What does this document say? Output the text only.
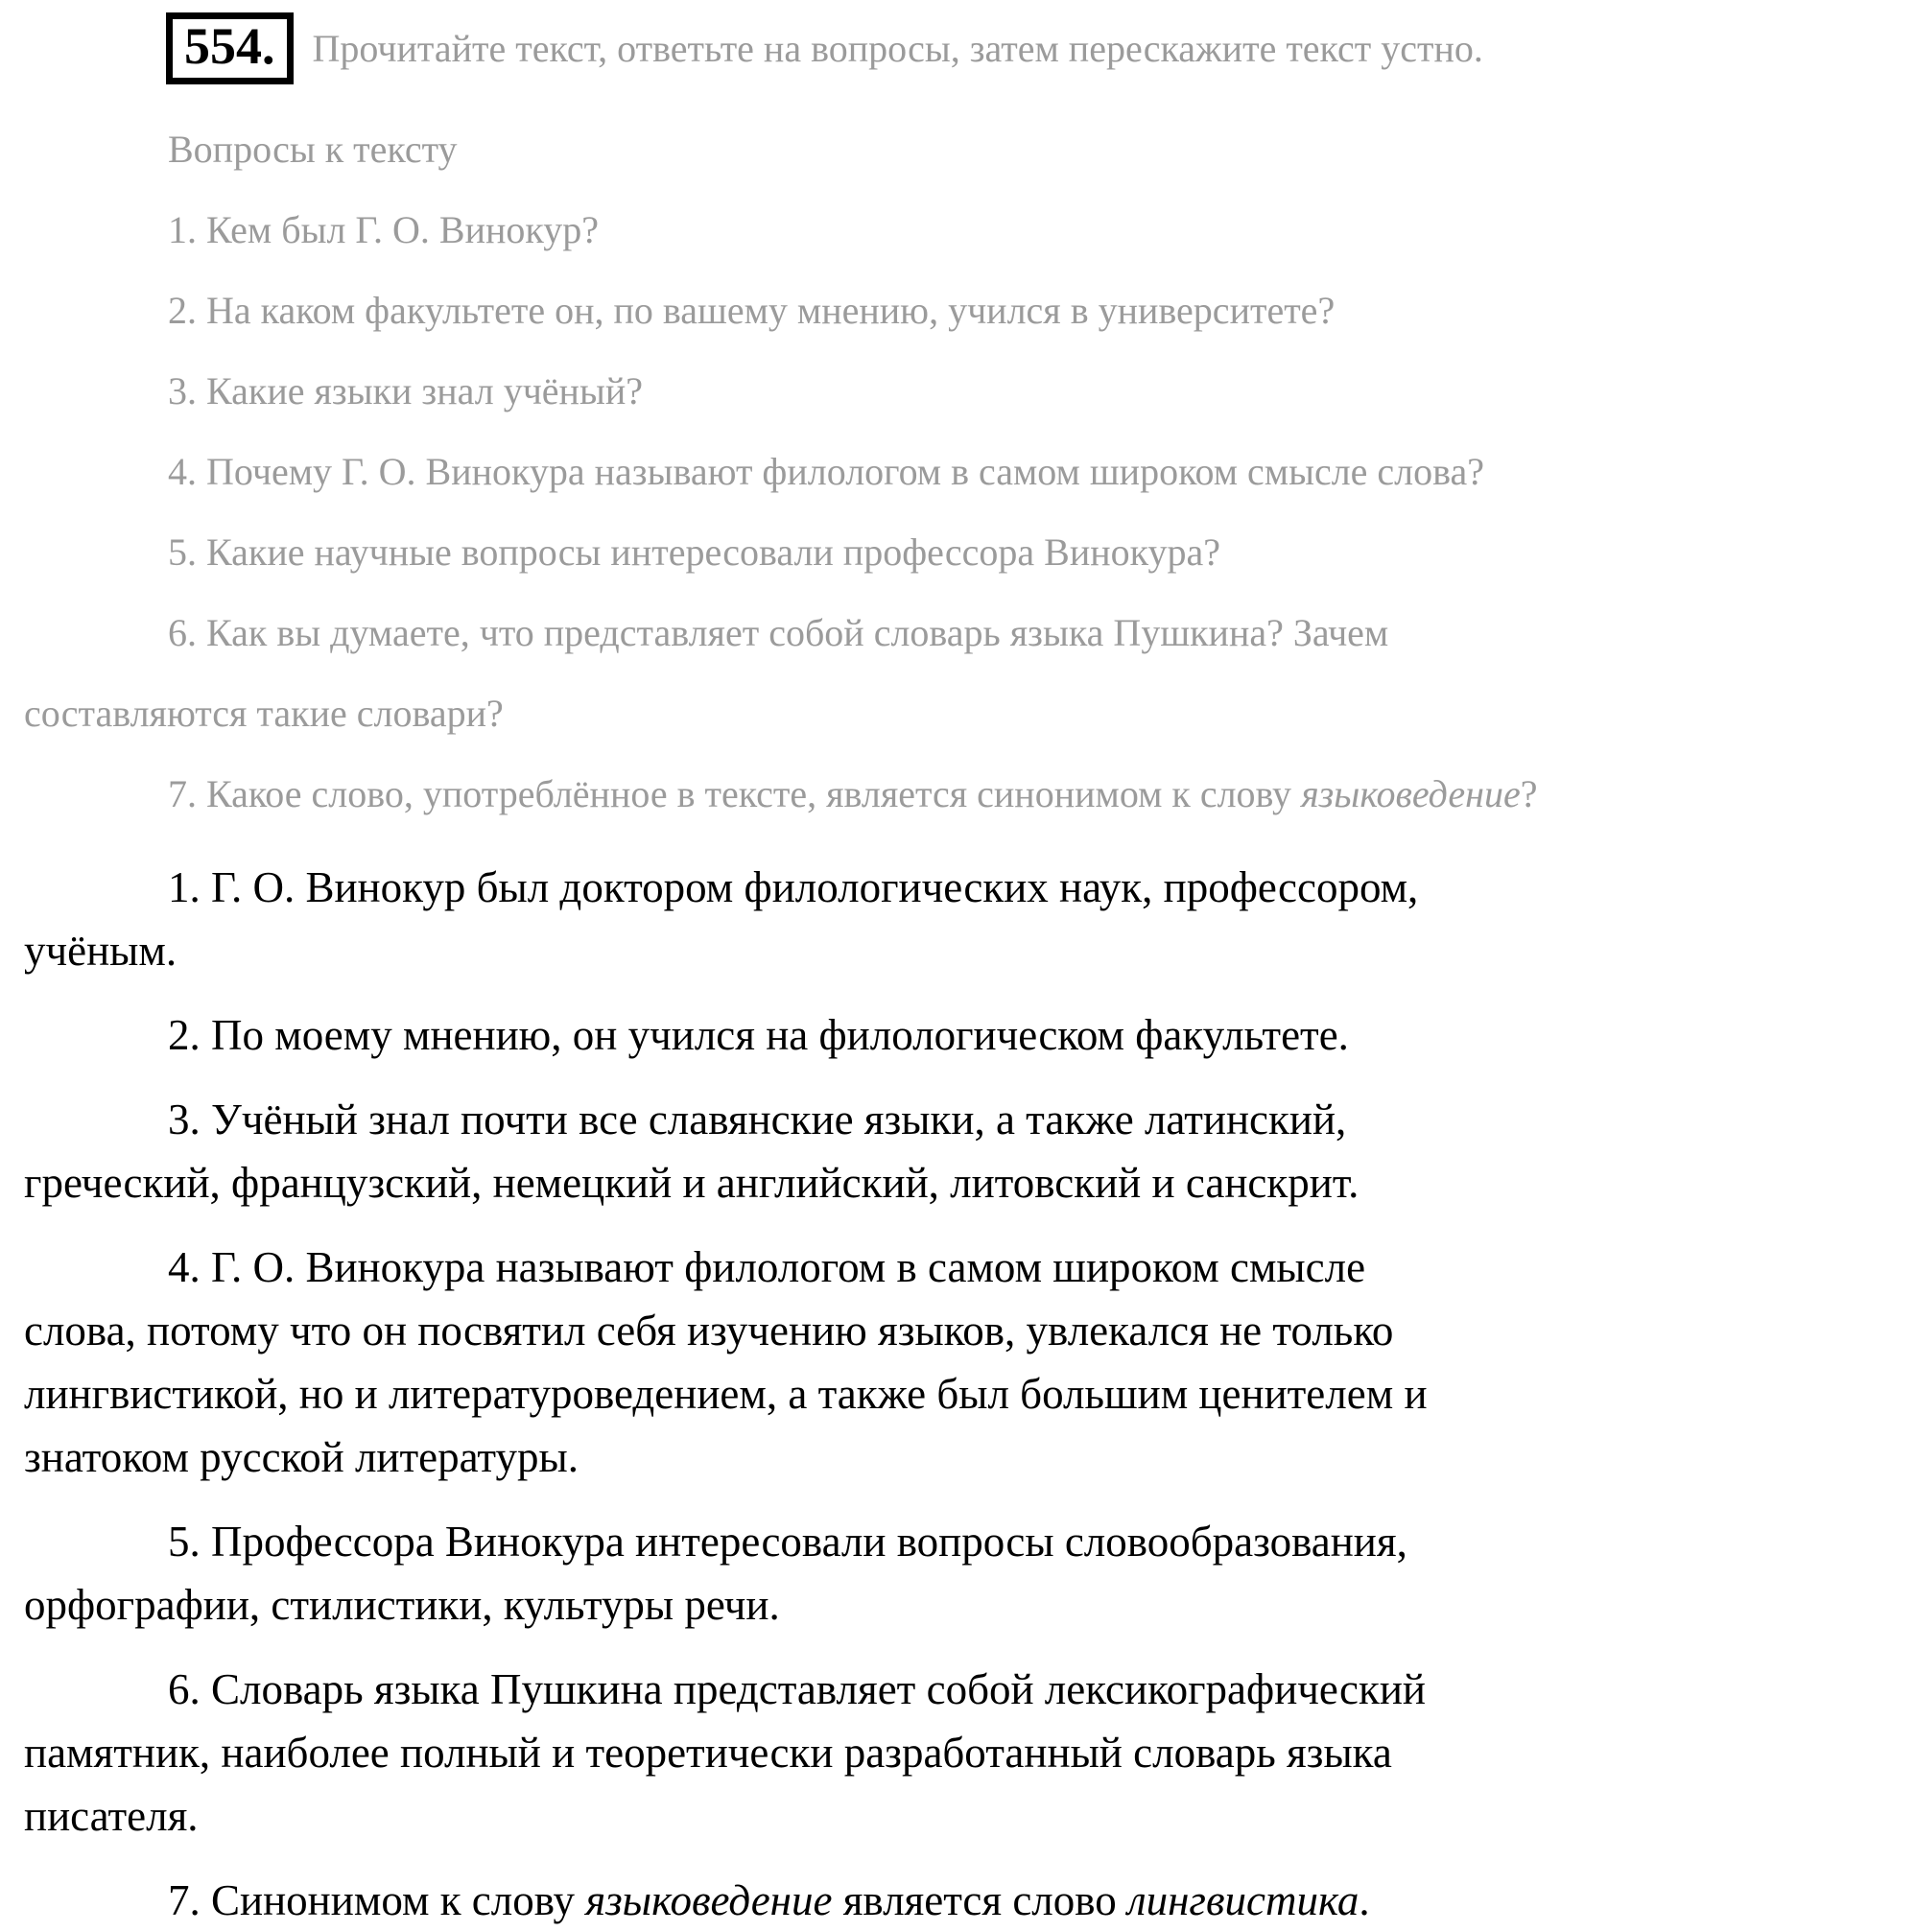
554. Прочитайте текст, ответьте на вопросы, затем перескажите текст устно.
Вопросы к тексту
1. Кем был Г. О. Винокур?
2. На каком факультете он, по вашему мнению, учился в университете?
3. Какие языки знал учёный?
4. Почему Г. О. Винокура называют филологом в самом широком смысле слова?
5. Какие научные вопросы интересовали профессора Винокура?
6. Как вы думаете, что представляет собой словарь языка Пушкина? Зачем
составляются такие словари?
7. Какое слово, употреблённое в тексте, является синонимом к слову языковедение?
1. Г. О. Винокур был доктором филологических наук, профессором,
учёным.
2. По моему мнению, он учился на филологическом факультете.
3. Учёный знал почти все славянские языки, а также латинский,
греческий, французский, немецкий и английский, литовский и санскрит.
4. Г. О. Винокура называют филологом в самом широком смысле
слова, потому что он посвятил себя изучению языков, увлекался не только
лингвистикой, но и литературоведением, а также был большим ценителем и
знатоком русской литературы.
5. Профессора Винокура интересовали вопросы словообразования,
орфографии, стилистики, культуры речи.
6. Словарь языка Пушкина представляет собой лексикографический
памятник, наиболее полный и теоретически разработанный словарь языка
писателя.
7. Синонимом к слову языковедение является слово лингвистика.
